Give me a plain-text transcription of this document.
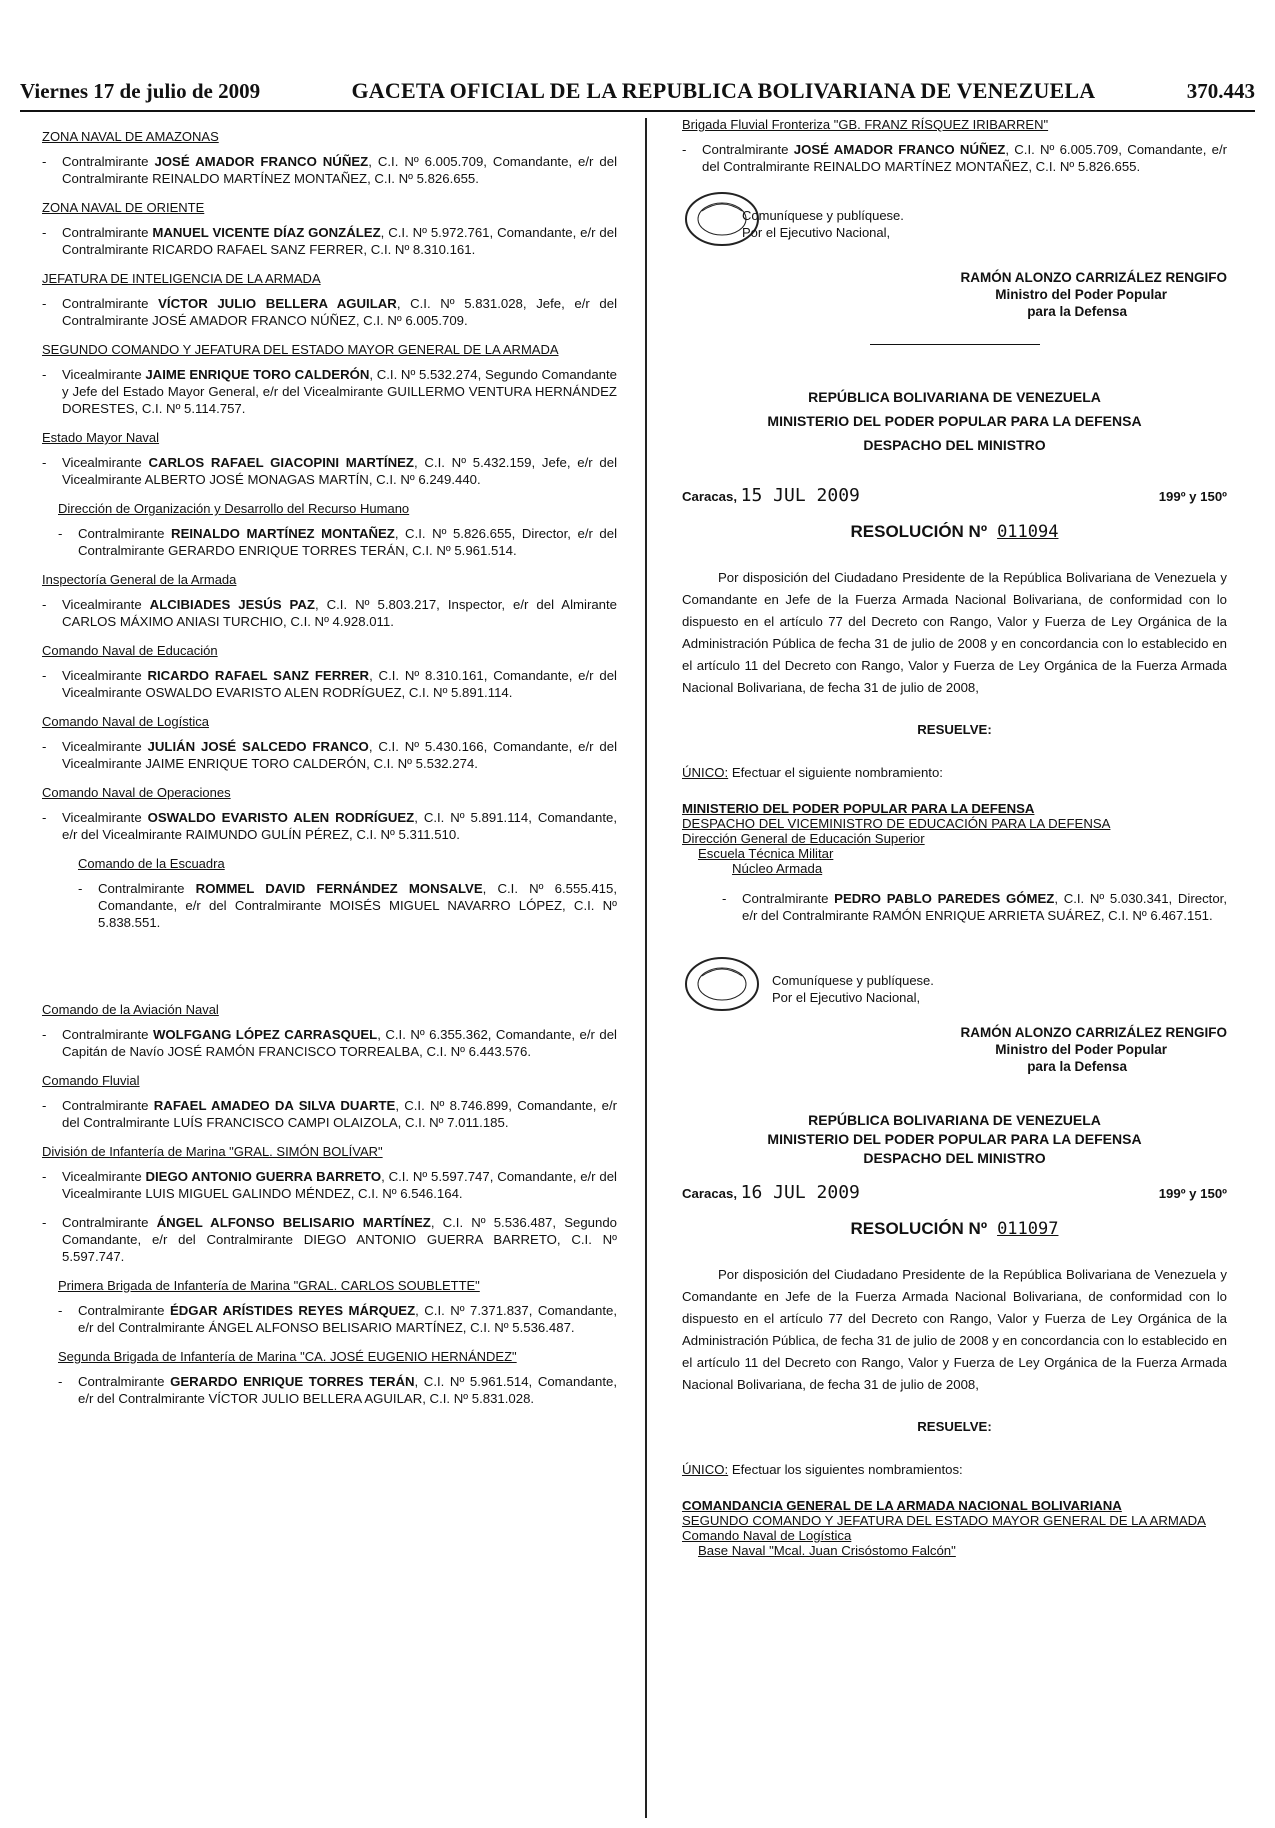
Viernes 17 de julio de 2009	GACETA OFICIAL DE LA REPUBLICA BOLIVARIANA DE VENEZUELA	370.443
ZONA NAVAL DE AMAZONAS
-	Contralmirante JOSÉ AMADOR FRANCO NÚÑEZ, C.I. Nº 6.005.709, Comandante, e/r del Contralmirante REINALDO MARTÍNEZ MONTAÑEZ, C.I. Nº 5.826.655.
ZONA NAVAL DE ORIENTE
-	Contralmirante MANUEL VICENTE DÍAZ GONZÁLEZ, C.I. Nº 5.972.761, Comandante, e/r del Contralmirante RICARDO RAFAEL SANZ FERRER, C.I. Nº 8.310.161.
JEFATURA DE INTELIGENCIA DE LA ARMADA
-	Contralmirante VÍCTOR JULIO BELLERA AGUILAR, C.I. Nº 5.831.028, Jefe, e/r del Contralmirante JOSÉ AMADOR FRANCO NÚÑEZ, C.I. Nº 6.005.709.
SEGUNDO COMANDO Y JEFATURA DEL ESTADO MAYOR GENERAL DE LA ARMADA
-	Vicealmirante JAIME ENRIQUE TORO CALDERÓN, C.I. Nº 5.532.274, Segundo Comandante y Jefe del Estado Mayor General, e/r del Vicealmirante GUILLERMO VENTURA HERNÁNDEZ DORESTES, C.I. Nº 5.114.757.
Estado Mayor Naval
-	Vicealmirante CARLOS RAFAEL GIACOPINI MARTÍNEZ, C.I. Nº 5.432.159, Jefe, e/r del Vicealmirante ALBERTO JOSÉ MONAGAS MARTÍN, C.I. Nº 6.249.440.
Dirección de Organización y Desarrollo del Recurso Humano
-	Contralmirante REINALDO MARTÍNEZ MONTAÑEZ, C.I. Nº 5.826.655, Director, e/r del Contralmirante GERARDO ENRIQUE TORRES TERÁN, C.I. Nº 5.961.514.
Inspectoría General de la Armada
-	Vicealmirante ALCIBIADES JESÚS PAZ, C.I. Nº 5.803.217, Inspector, e/r del Almirante CARLOS MÁXIMO ANIASI TURCHIO, C.I. Nº 4.928.011.
Comando Naval de Educación
-	Vicealmirante RICARDO RAFAEL SANZ FERRER, C.I. Nº 8.310.161, Comandante, e/r del Vicealmirante OSWALDO EVARISTO ALEN RODRÍGUEZ, C.I. Nº 5.891.114.
Comando Naval de Logística
-	Vicealmirante JULIÁN JOSÉ SALCEDO FRANCO, C.I. Nº 5.430.166, Comandante, e/r del Vicealmirante JAIME ENRIQUE TORO CALDERÓN, C.I. Nº 5.532.274.
Comando Naval de Operaciones
-	Vicealmirante OSWALDO EVARISTO ALEN RODRÍGUEZ, C.I. Nº 5.891.114, Comandante, e/r del Vicealmirante RAIMUNDO GULÍN PÉREZ, C.I. Nº 5.311.510.
Comando de la Escuadra
-	Contralmirante ROMMEL DAVID FERNÁNDEZ MONSALVE, C.I. Nº 6.555.415, Comandante, e/r del Contralmirante MOISÉS MIGUEL NAVARRO LÓPEZ, C.I. Nº 5.838.551.
Comando de la Aviación Naval
-	Contralmirante WOLFGANG LÓPEZ CARRASQUEL, C.I. Nº 6.355.362, Comandante, e/r del Capitán de Navío JOSÉ RAMÓN FRANCISCO TORREALBA, C.I. Nº 6.443.576.
Comando Fluvial
-	Contralmirante RAFAEL AMADEO DA SILVA DUARTE, C.I. Nº 8.746.899, Comandante, e/r del Contralmirante LUÍS FRANCISCO CAMPI OLAIZOLA, C.I. Nº 7.011.185.
División de Infantería de Marina "GRAL. SIMÓN BOLÍVAR"
-	Vicealmirante DIEGO ANTONIO GUERRA BARRETO, C.I. Nº 5.597.747, Comandante, e/r del Vicealmirante LUIS MIGUEL GALINDO MÉNDEZ, C.I. Nº 6.546.164.
-	Contralmirante ÁNGEL ALFONSO BELISARIO MARTÍNEZ, C.I. Nº 5.536.487, Segundo Comandante, e/r del Contralmirante DIEGO ANTONIO GUERRA BARRETO, C.I. Nº 5.597.747.
Primera Brigada de Infantería de Marina "GRAL. CARLOS SOUBLETTE"
-	Contralmirante ÉDGAR ARÍSTIDES REYES MÁRQUEZ, C.I. Nº 7.371.837, Comandante, e/r del Contralmirante ÁNGEL ALFONSO BELISARIO MARTÍNEZ, C.I. Nº 5.536.487.
Segunda Brigada de Infantería de Marina "CA. JOSÉ EUGENIO HERNÁNDEZ"
-	Contralmirante GERARDO ENRIQUE TORRES TERÁN, C.I. Nº 5.961.514, Comandante, e/r del Contralmirante VÍCTOR JULIO BELLERA AGUILAR, C.I. Nº 5.831.028.
Brigada Fluvial Fronteriza "GB. FRANZ RÍSQUEZ IRIBARREN"
-	Contralmirante JOSÉ AMADOR FRANCO NÚÑEZ, C.I. Nº 6.005.709, Comandante, e/r del Contralmirante REINALDO MARTÍNEZ MONTAÑEZ, C.I. Nº 5.826.655.
Comuníquese y publíquese.
Por el Ejecutivo Nacional,
RAMÓN ALONZO CARRIZÁLEZ RENGIFO
Ministro del Poder Popular
para la Defensa
REPÚBLICA BOLIVARIANA DE VENEZUELA
MINISTERIO DEL PODER POPULAR PARA LA DEFENSA
DESPACHO DEL MINISTRO
Caracas, 15 JUL 2009	199º y 150º
RESOLUCIÓN Nº 011094

Por disposición del Ciudadano Presidente de la República Bolivariana de Venezuela y Comandante en Jefe de la Fuerza Armada Nacional Bolivariana, de conformidad con lo dispuesto en el artículo 77 del Decreto con Rango, Valor y Fuerza de Ley Orgánica de la Administración Pública de fecha 31 de julio de 2008 y en concordancia con lo establecido en el artículo 11 del Decreto con Rango, Valor y Fuerza de Ley Orgánica de la Fuerza Armada Nacional Bolivariana, de fecha 31 de julio de 2008,

RESUELVE:
ÚNICO: Efectuar el siguiente nombramiento:
MINISTERIO DEL PODER POPULAR PARA LA DEFENSA
DESPACHO DEL VICEMINISTRO DE EDUCACIÓN PARA LA DEFENSA
Dirección General de Educación Superior
Escuela Técnica Militar
Núcleo Armada
-	Contralmirante PEDRO PABLO PAREDES GÓMEZ, C.I. Nº 5.030.341, Director, e/r del Contralmirante RAMÓN ENRIQUE ARRIETA SUÁREZ, C.I. Nº 6.467.151.
Comuníquese y publíquese.
Por el Ejecutivo Nacional,
RAMÓN ALONZO CARRIZÁLEZ RENGIFO
Ministro del Poder Popular
para la Defensa
REPÚBLICA BOLIVARIANA DE VENEZUELA
MINISTERIO DEL PODER POPULAR PARA LA DEFENSA
DESPACHO DEL MINISTRO
Caracas, 16 JUL 2009	199º y 150º
RESOLUCIÓN Nº 011097

Por disposición del Ciudadano Presidente de la República Bolivariana de Venezuela y Comandante en Jefe de la Fuerza Armada Nacional Bolivariana, de conformidad con lo dispuesto en el artículo 77 del Decreto con Rango, Valor y Fuerza de Ley Orgánica de la Administración Pública, de fecha 31 de julio de 2008 y en concordancia con lo establecido en el artículo 11 del Decreto con Rango, Valor y Fuerza de Ley Orgánica de la Fuerza Armada Nacional Bolivariana, de fecha 31 de julio de 2008,

RESUELVE:
ÚNICO: Efectuar los siguientes nombramientos:
COMANDANCIA GENERAL DE LA ARMADA NACIONAL BOLIVARIANA
SEGUNDO COMANDO Y JEFATURA DEL ESTADO MAYOR GENERAL DE LA ARMADA
Comando Naval de Logística
Base Naval "Mcal. Juan Crisóstomo Falcón"
